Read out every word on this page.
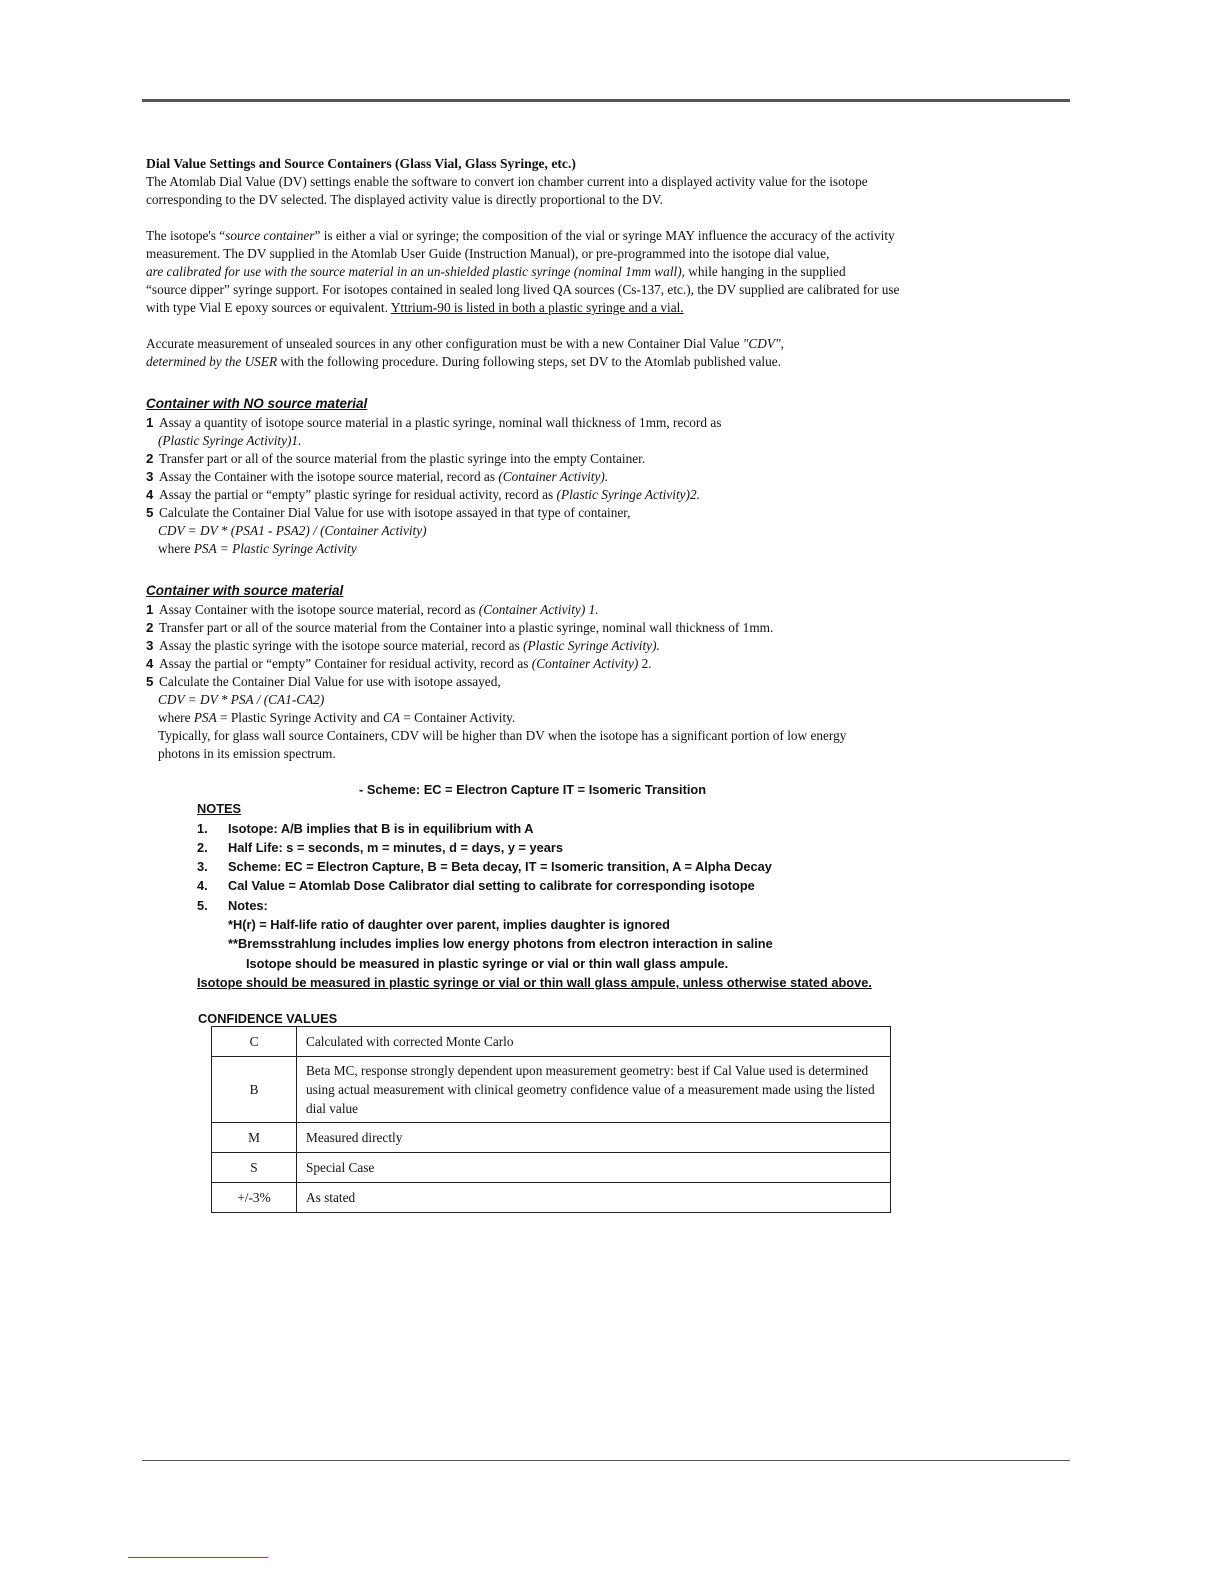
Dial Value Settings and Source Containers (Glass Vial, Glass Syringe, etc.)

The Atomlab Dial Value (DV) settings enable the software to convert ion chamber current into a displayed activity value for the isotope

corresponding to the DV selected. The displayed activity value is directly proportional to the DV.

The isotope's “source container” is either a vial or syringe; the composition of the vial or syringe MAY influence the accuracy of the activity

measurement. The DV supplied in the Atomlab User Guide (Instruction Manual), or pre-programmed into the isotope dial value,

are calibrated for use with the source material in an un-shielded plastic syringe (nominal 1mm wall), while hanging in the supplied

“source dipper” syringe support. For isotopes contained in sealed long lived QA sources (Cs-137, etc.), the DV supplied are calibrated for use

with type Vial E epoxy sources or equivalent. Yttrium-90 is listed in both a plastic syringe and a vial.

Accurate measurement of unsealed sources in any other configuration must be with a new Container Dial Value "CDV",

determined by the USER with the following procedure. During following steps, set DV to the Atomlab published value.

Container with NO source material

1 Assay a quantity of isotope source material in a plastic syringe, nominal wall thickness of 1mm, record as

(Plastic Syringe Activity)1.

2 Transfer part or all of the source material from the plastic syringe into the empty Container.

3 Assay the Container with the isotope source material, record as (Container Activity).

4 Assay the partial or “empty” plastic syringe for residual activity, record as (Plastic Syringe Activity)2.

5 Calculate the Container Dial Value for use with isotope assayed in that type of container,

CDV = DV * (PSA1 - PSA2) / (Container Activity)

where PSA = Plastic Syringe Activity

Container with source material

1 Assay Container with the isotope source material, record as (Container Activity) 1.

2 Transfer part or all of the source material from the Container into a plastic syringe, nominal wall thickness of 1mm.

3 Assay the plastic syringe with the isotope source material, record as (Plastic Syringe Activity).

4 Assay the partial or “empty” Container for residual activity, record as (Container Activity) 2.

5 Calculate the Container Dial Value for use with isotope assayed,

CDV = DV * PSA / (CA1-CA2)

where PSA = Plastic Syringe Activity and CA = Container Activity.

Typically, for glass wall source Containers, CDV will be higher than DV when the isotope has a significant portion of low energy

photons in its emission spectrum.

- Scheme: EC = Electron Capture IT = Isomeric Transition

NOTES

1. Isotope: A/B implies that B is in equilibrium with A

2. Half Life: s = seconds, m = minutes, d = days, y = years

3. Scheme: EC = Electron Capture, B = Beta decay, IT = Isomeric transition, A = Alpha Decay

4. Cal Value = Atomlab Dose Calibrator dial setting to calibrate for corresponding isotope

5. Notes:

*H(r) = Half-life ratio of daughter over parent, implies daughter is ignored

**Bremsstrahlung includes implies low energy photons from electron interaction in saline

Isotope should be measured in plastic syringe or vial or thin wall glass ampule.

Isotope should be measured in plastic syringe or vial or thin wall glass ampule, unless otherwise stated above.

CONFIDENCE VALUES
C	Calculated with corrected Monte Carlo
B	Beta MC, response strongly dependent upon measurement geometry: best if Cal Value used is determined using actual measurement with clinical geometry confidence value of a measurement made using the listed dial value
M	Measured directly
S	Special Case
+/-3%	As stated
